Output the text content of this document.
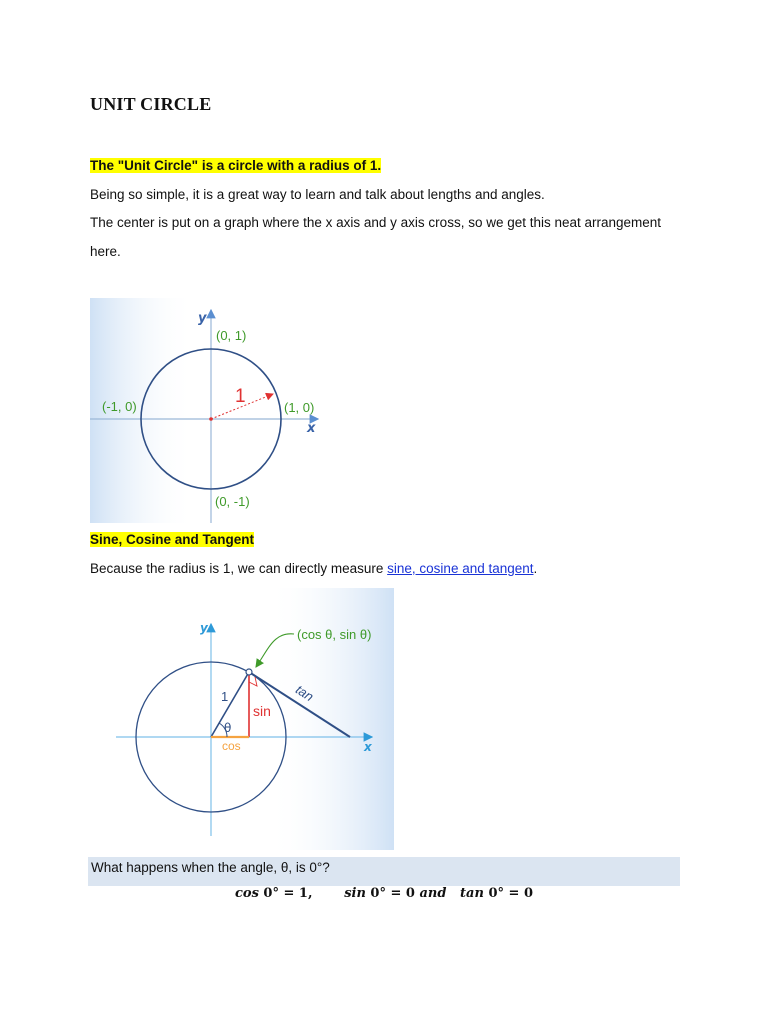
UNIT CIRCLE
The "Unit Circle" is a circle with a radius of 1.
Being so simple, it is a great way to learn and talk about lengths and angles.
The center is put on a graph where the x axis and y axis cross, so we get this neat arrangement
here.
y
x
(0, 1)
(1, 0)
(-1, 0)
(0, -1)
1
Sine, Cosine and Tangent
Because the radius is 1, we can directly measure sine, cosine and tangent.
y
x
(cos θ, sin θ)
1
θ
sin
cos
tan
What happens when the angle, θ, is 0°?
cos 0° = 1, sin 0° = 0 and tan 0° = 0
